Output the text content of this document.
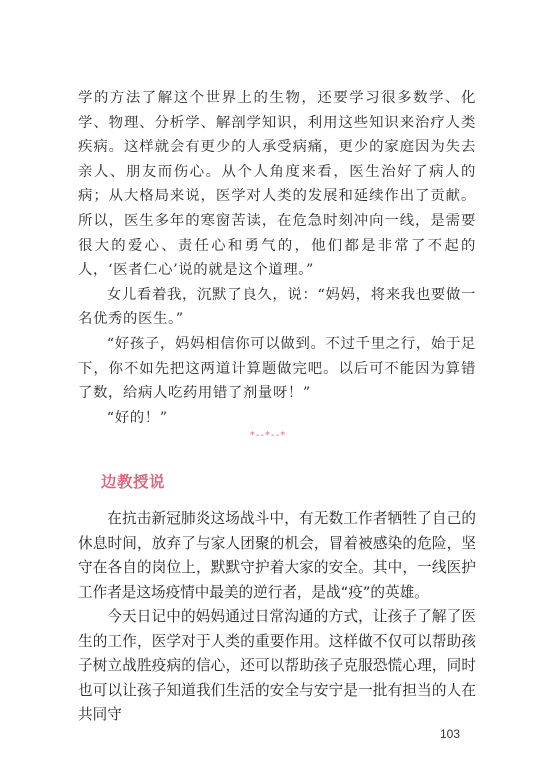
学的方法了解这个世界上的生物，还要学习很多数学、化学、物理、分析学、解剖学知识，利用这些知识来治疗人类疾病。这样就会有更少的人承受病痛，更少的家庭因为失去亲人、朋友而伤心。从个人角度来看，医生治好了病人的病；从大格局来说，医学对人类的发展和延续作出了贡献。所以，医生多年的寒窗苦读，在危急时刻冲向一线，是需要很大的爱心、责任心和勇气的，他们都是非常了不起的人，‘医者仁心’说的就是这个道理。”

女儿看着我，沉默了良久，说：“妈妈，将来我也要做一名优秀的医生。”

“好孩子，妈妈相信你可以做到。不过千里之行，始于足下，你不如先把这两道计算题做完吧。以后可不能因为算错了数，给病人吃药用错了剂量呀！”

“好的！”

*--*--*
边教授说

在抗击新冠肺炎这场战斗中，有无数工作者牺牲了自己的休息时间，放弃了与家人团聚的机会，冒着被感染的危险，坚守在各自的岗位上，默默守护着大家的安全。其中，一线医护工作者是这场疫情中最美的逆行者，是战“疫”的英雄。

今天日记中的妈妈通过日常沟通的方式，让孩子了解了医生的工作，医学对于人类的重要作用。这样做不仅可以帮助孩子树立战胜疫病的信心，还可以帮助孩子克服恐慌心理，同时也可以让孩子知道我们生活的安全与安宁是一批有担当的人在共同守

103
